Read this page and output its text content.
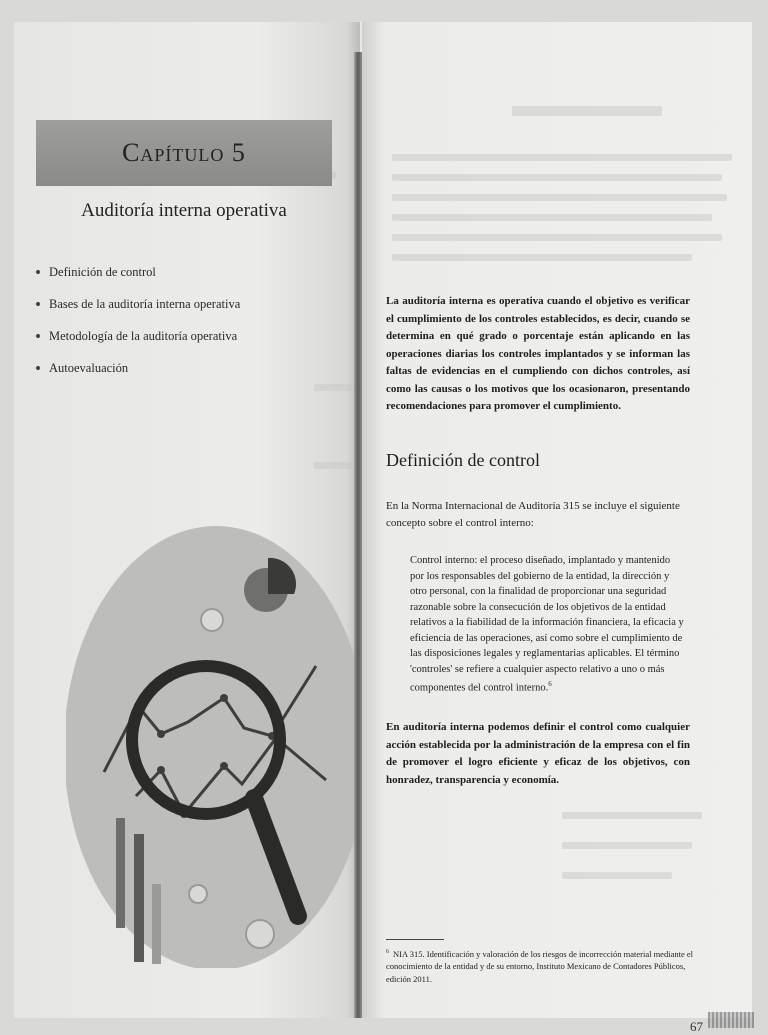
Capítulo 5
Auditoría interna operativa
Definición de control
Bases de la auditoría interna operativa
Metodología de la auditoría operativa
Autoevaluación
La auditoría interna es operativa cuando el objetivo es verificar el cumplimiento de los controles establecidos, es decir, cuando se determina en qué grado o porcentaje están aplicando en las operaciones diarias los controles implantados y se informan las faltas de evidencias en el cumpliendo con dichos controles, así como las causas o los motivos que los ocasionaron, presentando recomendaciones para promover el cumplimiento.
Definición de control
En la Norma Internacional de Auditoría 315 se incluye el siguiente concepto sobre el control interno:
Control interno: el proceso diseñado, implantado y mantenido por los responsables del gobierno de la entidad, la dirección y otro personal, con la finalidad de proporcionar una seguridad razonable sobre la consecución de los objetivos de la entidad relativos a la fiabilidad de la información financiera, la eficacia y eficiencia de las operaciones, así como sobre el cumplimiento de las disposiciones legales y reglamentarias aplicables. El término 'controles' se refiere a cualquier aspecto relativo a uno o más componentes del control interno.$^6$
En auditoría interna podemos definir el control como cualquier acción establecida por la administración de la empresa con el fin de promover el logro eficiente y eficaz de los objetivos, con honradez, transparencia y economía.
$^6$ NIA 315. Identificación y valoración de los riesgos de incorrección material mediante el conocimiento de la entidad y de su entorno, Instituto Mexicano de Contadores Públicos, edición 2011.
67
